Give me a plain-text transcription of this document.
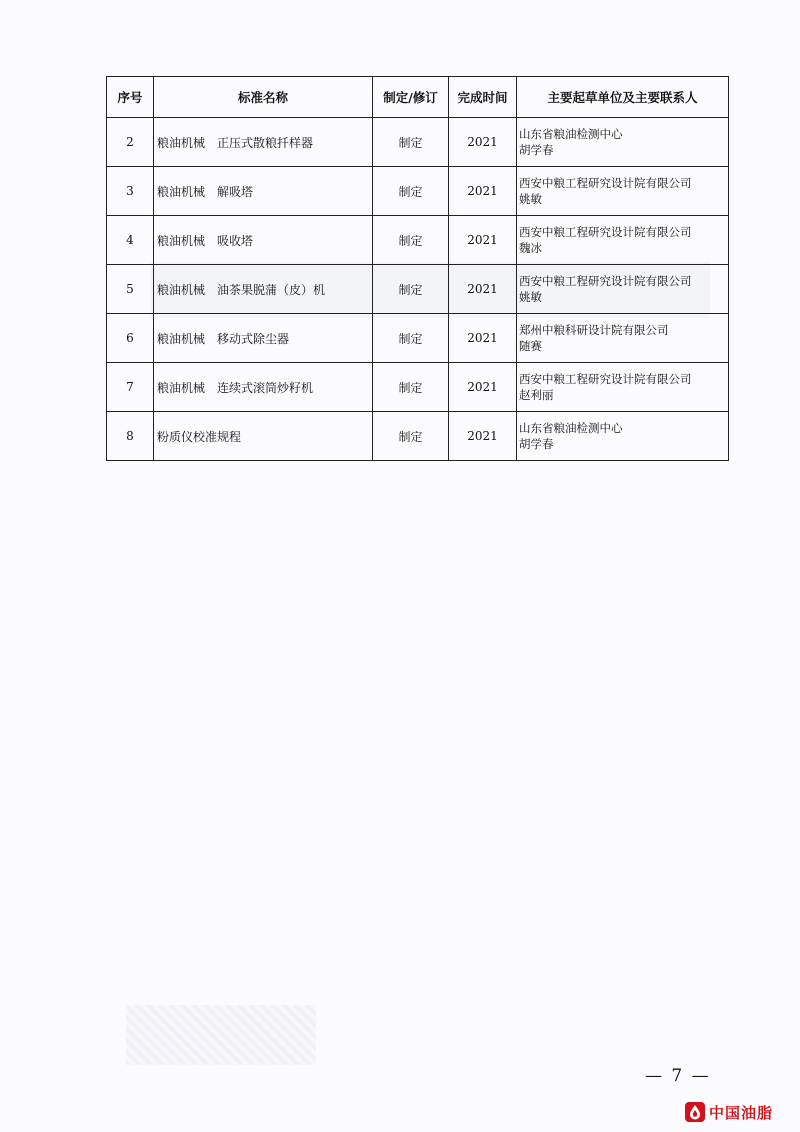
序号	标准名称	制定/修订	完成时间	主要起草单位及主要联系人
2	粮油机械　正压式散粮扦样器	制定	2021	山东省粮油检测中心
胡学春

3	粮油机械　解吸塔	制定	2021	西安中粮工程研究设计院有限公司
姚敏

4	粮油机械　吸收塔	制定	2021	西安中粮工程研究设计院有限公司
魏冰

5	粮油机械　油茶果脱蒲（皮）机	制定	2021	西安中粮工程研究设计院有限公司
姚敏

6	粮油机械　移动式除尘器	制定	2021	郑州中粮科研设计院有限公司
随赛

7	粮油机械　连续式滚筒炒籽机	制定	2021	西安中粮工程研究设计院有限公司
赵利丽

8	粉质仪校准规程	制定	2021	山东省粮油检测中心
胡学春
— 7 —
中国油脂
